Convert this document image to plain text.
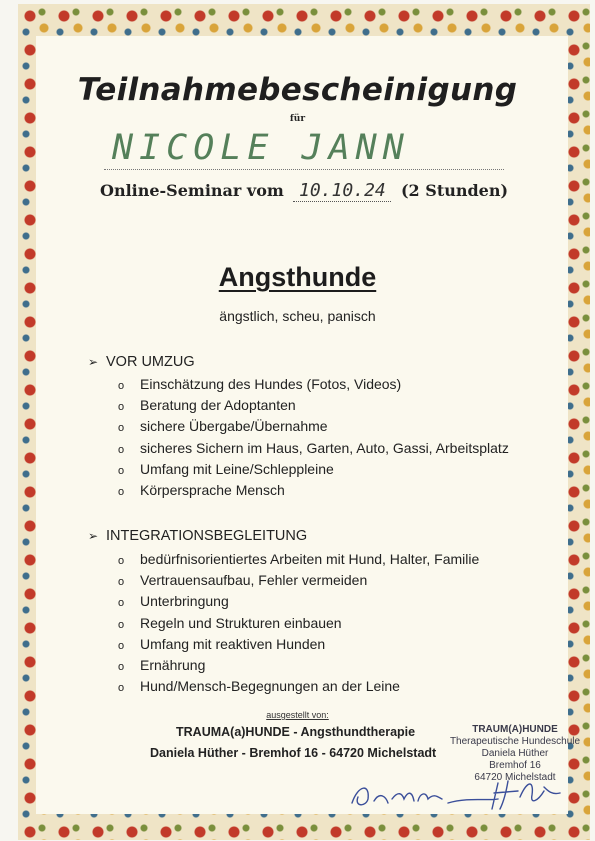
Teilnahmebescheinigung
für
NICOLE JANN
Online-Seminar vom 10.10.24 (2 Stunden)
Angsthunde
ängstlich, scheu, panisch
➢ VOR UMZUG
o Einschätzung des Hundes (Fotos, Videos)
o Beratung der Adoptanten
o sichere Übergabe/Übernahme
o sicheres Sichern im Haus, Garten, Auto, Gassi, Arbeitsplatz
o Umfang mit Leine/Schleppleine
o Körpersprache Mensch
➢ INTEGRATIONSBEGLEITUNG
o bedürfnisorientiertes Arbeiten mit Hund, Halter, Familie
o Vertrauensaufbau, Fehler vermeiden
o Unterbringung
o Regeln und Strukturen einbauen
o Umfang mit reaktiven Hunden
o Ernährung
o Hund/Mensch-Begegnungen an der Leine
ausgestellt von:
TRAUMA(a)HUNDE - Angsthundtherapie
Daniela Hüther - Bremhof 16 - 64720 Michelstadt
TRAUM(A)HUNDE
Therapeutische Hundeschule
Daniela Hüther
Bremhof 16
64720 Michelstadt
